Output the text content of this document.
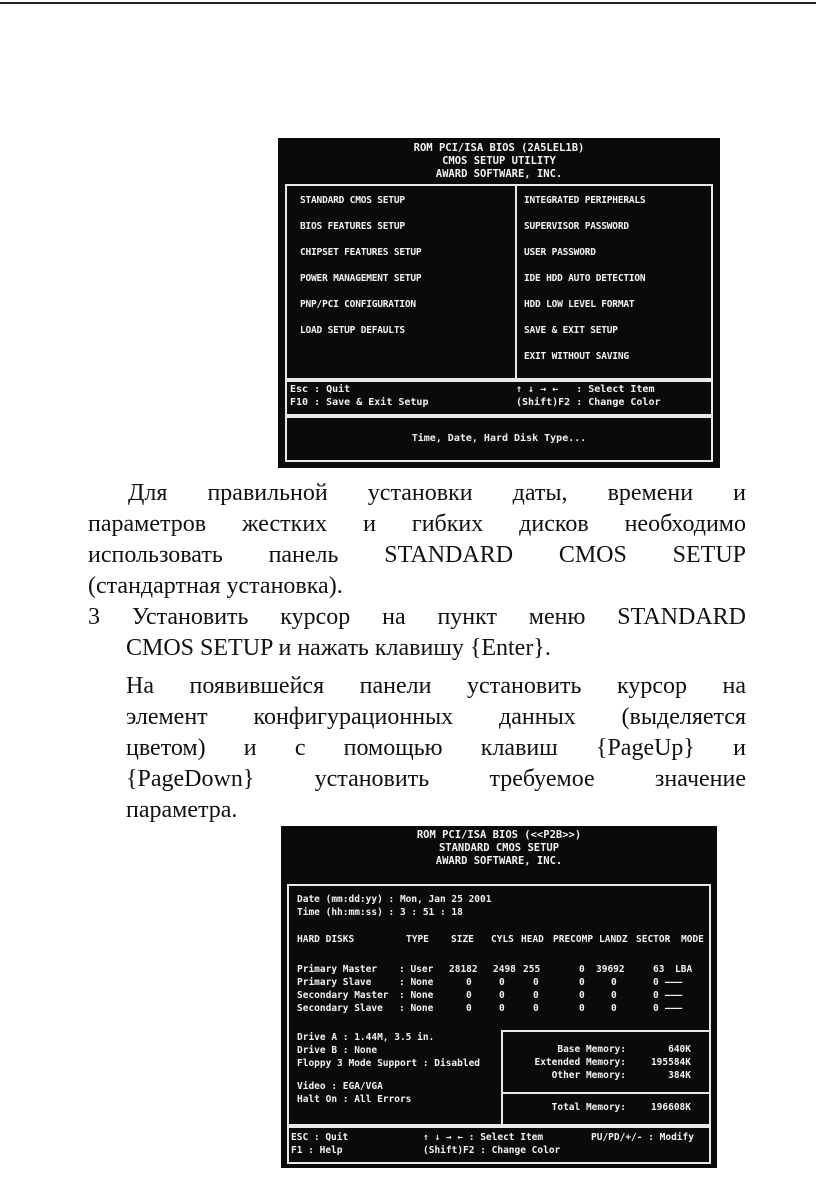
ROM PCI/ISA BIOS (2A5LEL1B)
CMOS SETUP UTILITY
AWARD SOFTWARE, INC.
STANDARD CMOS SETUP
BIOS FEATURES SETUP
CHIPSET FEATURES SETUP
POWER MANAGEMENT SETUP
PNP/PCI CONFIGURATION
LOAD SETUP DEFAULTS
INTEGRATED PERIPHERALS
SUPERVISOR PASSWORD
USER PASSWORD
IDE HDD AUTO DETECTION
HDD LOW LEVEL FORMAT
SAVE & EXIT SETUP
EXIT WITHOUT SAVING
Esc : Quit
F10 : Save & Exit Setup
↑ ↓ → ←   : Select Item
(Shift)F2 : Change Color
Time, Date, Hard Disk Type...
Для правильной установки даты, времени и
параметров жестких и гибких дисков необходимо
использовать панель STANDARD CMOS SETUP
(стандартная установка).
3 Установить курсор на пункт меню STANDARD
CMOS SETUP и нажать клавишу {Enter}.
На появившейся панели установить курсор на
элемент конфигурационных данных (выделяется
цветом) и с помощью клавиш {PageUp} и
{PageDown} установить требуемое значение
параметра.
ROM PCI/ISA BIOS (<<P2B>>)
STANDARD CMOS SETUP
AWARD SOFTWARE, INC.
Date (mm:dd:yy) : Mon, Jan 25 2001
Time (hh:mm:ss) : 3 : 51 : 18
HARD DISKS	TYPE SIZE CYLS HEAD PRECOMP LANDZ SECTOR MODE
Primary Master : User 28182 2498 255	0 39692	63 LBA
Primary Slave	: None	0	0	0	0	0	0 ———
Secondary Master : None	0	0	0	0	0	0 ———
Secondary Slave : None	0	0	0	0	0	0 ———
Drive A : 1.44M, 3.5 in.
Drive B : None
Floppy 3 Mode Support : Disabled
Video : EGA/VGA
Halt On : All Errors
Base Memory:	640K
Extended Memory:	195584K
Other Memory:	384K
Total Memory:	196608K
ESC : Quit
F1 : Help
↑ ↓ → ← : Select Item
(Shift)F2 : Change Color
PU/PD/+/- : Modify
